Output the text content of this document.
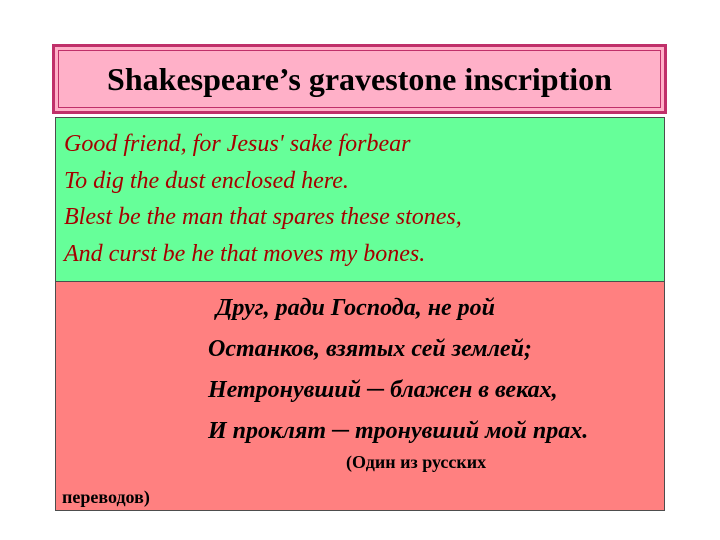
Shakespeare’s gravestone inscription
Good friend, for Jesus' sake forbear
To dig the dust enclosed here.
Blest be the man that spares these stones,
And curst be he that moves my bones.
Друг, ради Господа, не рой
Останков, взятых сей землей;
Нетронувший ─ блажен в веках,
И проклят ─ тронувший мой прах.
(Один из русских
переводов)
